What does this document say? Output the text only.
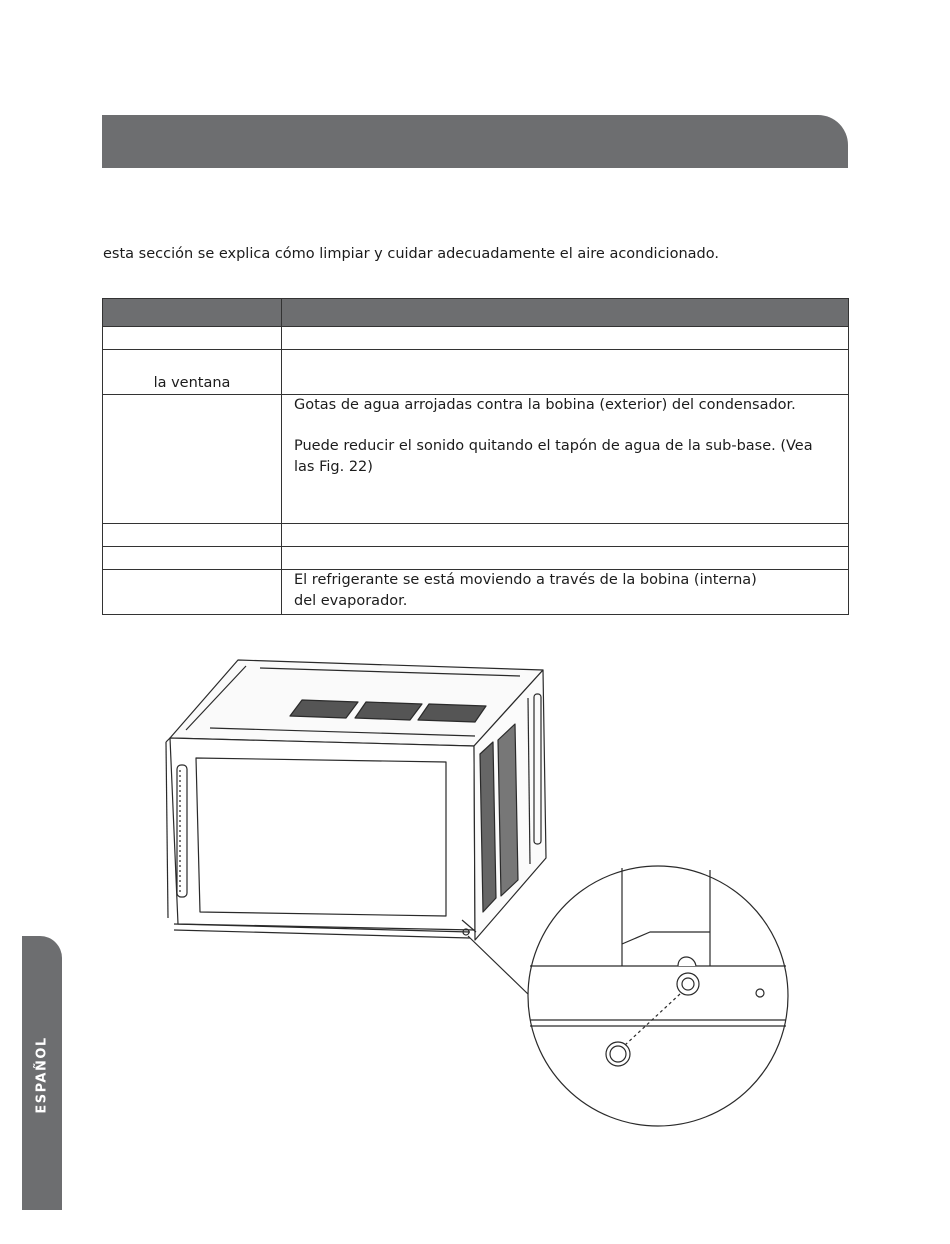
esta sección se explica cómo limpiar y cuidar adecuadamente el aire acondicionado.

la ventana	

	Gotas de agua arrojadas contra la bobina (exterior) del condensador.
Puede reducir el sonido quitando el tapón de agua de la sub-base. (Vea
las Fig. 22)

	El refrigerante se está moviendo a través de la bobina (interna)
del evaporador.
ESPAÑOL
